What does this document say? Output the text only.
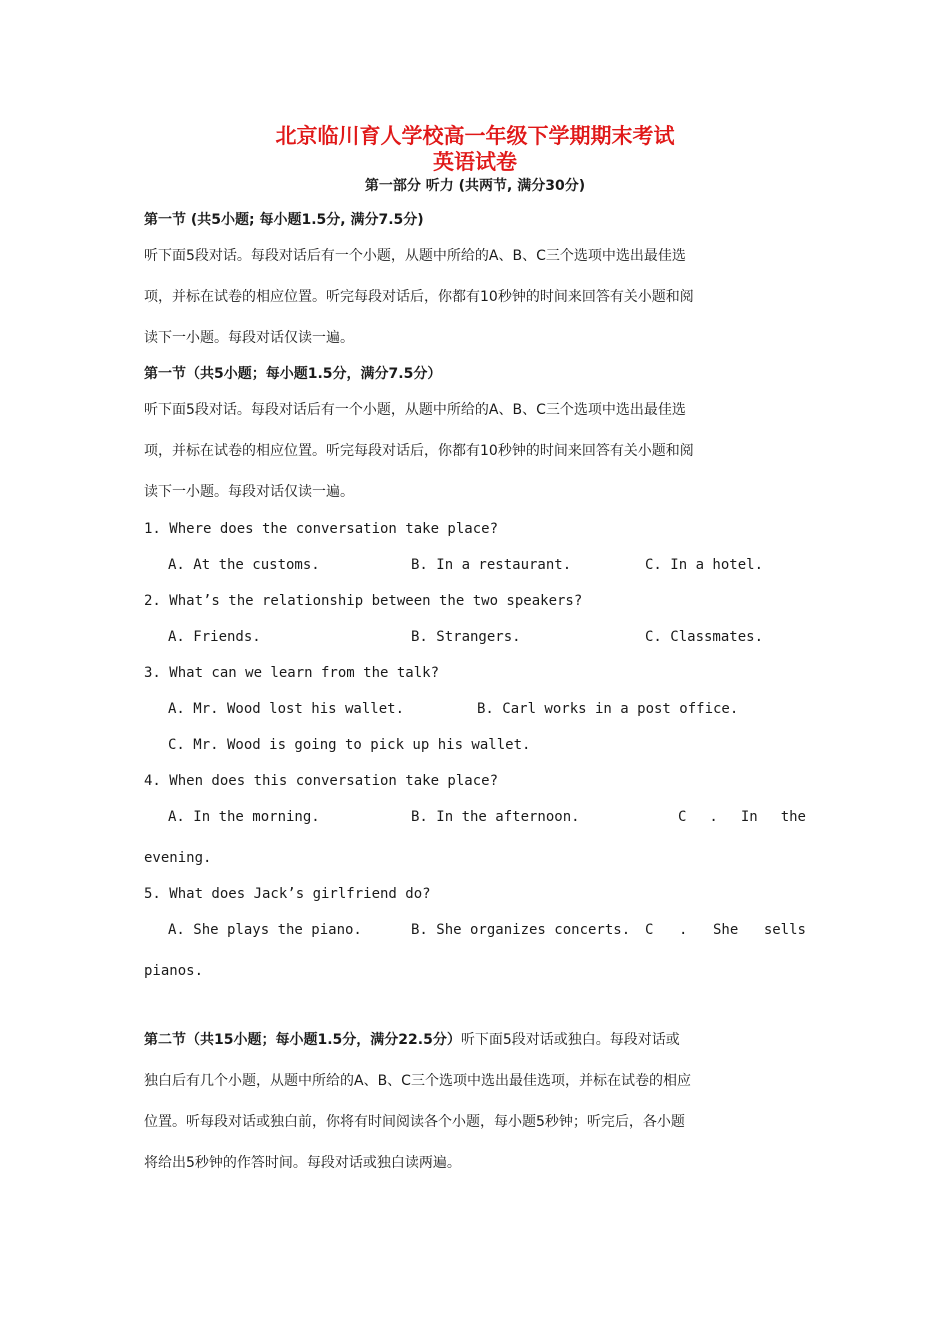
北京临川育人学校高一年级下学期期末考试
英语试卷
第一部分 听力 (共两节, 满分30分)
第一节 (共5小题; 每小题1.5分, 满分7.5分)
听下面5段对话。每段对话后有一个小题，从题中所给的A、B、C三个选项中选出最佳选
项，并标在试卷的相应位置。听完每段对话后，你都有10秒钟的时间来回答有关小题和阅
读下一小题。每段对话仅读一遍。
第一节（共5小题；每小题1.5分，满分7.5分）
听下面5段对话。每段对话后有一个小题，从题中所给的A、B、C三个选项中选出最佳选
项，并标在试卷的相应位置。听完每段对话后，你都有10秒钟的时间来回答有关小题和阅
读下一小题。每段对话仅读一遍。
1. Where does the conversation take place?
A. At the customs.	B. In a restaurant.	C. In a hotel.
2. What’s the relationship between the two speakers?
A. Friends.	B. Strangers.	C. Classmates.
3. What can we learn from the talk?
A. Mr. Wood lost his wallet.	B. Carl works in a post office.
C. Mr. Wood is going to pick up his wallet.
4. When does this conversation take place?
A. In the morning.	B. In the afternoon.	C . In the
evening.
5. What does Jack’s girlfriend do?
A. She plays the piano.	B. She organizes concerts. C . She sells
pianos.
第二节（共15小题；每小题1.5分，满分22.5分）听下面5段对话或独白。每段对话或
独白后有几个小题，从题中所给的A、B、C三个选项中选出最佳选项，并标在试卷的相应
位置。听每段对话或独白前，你将有时间阅读各个小题，每小题5秒钟；听完后，各小题
将给出5秒钟的作答时间。每段对话或独白读两遍。
